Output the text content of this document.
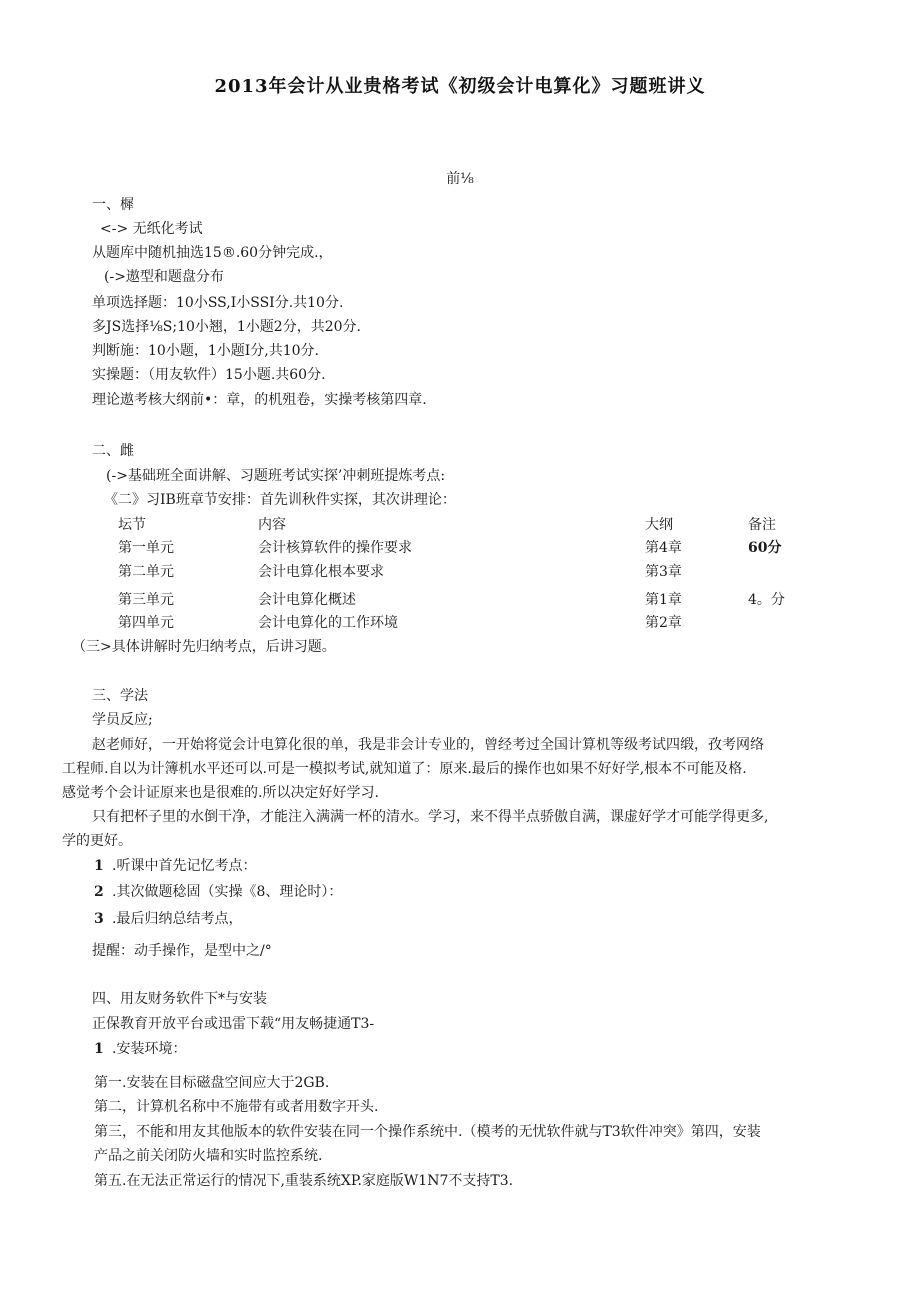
2013年会计从业贵格考试《初级会计电算化》习题班讲义
前⅛
一、樨
<-> 无纸化考试
从题库中随机抽选15®.60分钟完成.，
(->遨型和题盘分布
单项选择题：10小SS,I小SSI分.共10分.
多JS选择⅛S;10小翘，1小题2分，共20分.
判断施：10小题，1小题I分,共10分.
实操题：（用友软件）15小题.共60分.
理论遨考核大纲前•：章，的机殂卷，实操考核第四章.
二、雌
(->基础班全面讲解、习题班考试实探’冲刺班提炼考点:
《二》习IB班章节安排：首先训秋件实探，其次讲理论：
坛节	内容	大纲	备注
第一单元	会计核算软件的操作要求	第4章	60分
第二单元	会计电算化根本要求	第3章
第三单元	会计电算化概述	第1章	4。分
第四单元	会计电算化的工作环境	第2章
（三>具体讲解时先归纳考点，后讲习题。
三、学法
学员反应;
赵老师好，一开始将觉会计电算化很的单，我是非会计专业的，曾经考过全国计算机等级考试四缎，孜考网络
工程师.自以为计簿机水平还可以.可是一模拟考试,就知道了：原来.最后的操作也如果不好好学,根本不可能及格.
感觉考个会计证原来也是很难的.所以决定好好学习.
只有把杯子里的水倒干净，才能注入满满一杯的清水。学习，来不得半点骄傲自满，课虚好学才可能学得更多,
学的更好。
1 .听课中首先记忆考点：
2 .其次做题稔固（实操《8、理论时）：
3 .最后归纳总结考点，
提醒：动手操作，是型中之/°
四、用友财务软件下*与安装
正保教育开放平台或迅雷下载“用友畅捷通T3-
1 .安装环境：
第一.安装在目标磁盘空间应大于2GB.
第二，计算机名称中不施带有或者用数字开头.
第三，不能和用友其他版本的软件安装在同一个操作系统中.（模考的无忧软件就与T3软件冲突》第四，安装
产品之前关闭防火墙和实时监控系统.
第五.在无法正常运行的情况下,重装系统XP.家庭版W1N7不支持T3.
